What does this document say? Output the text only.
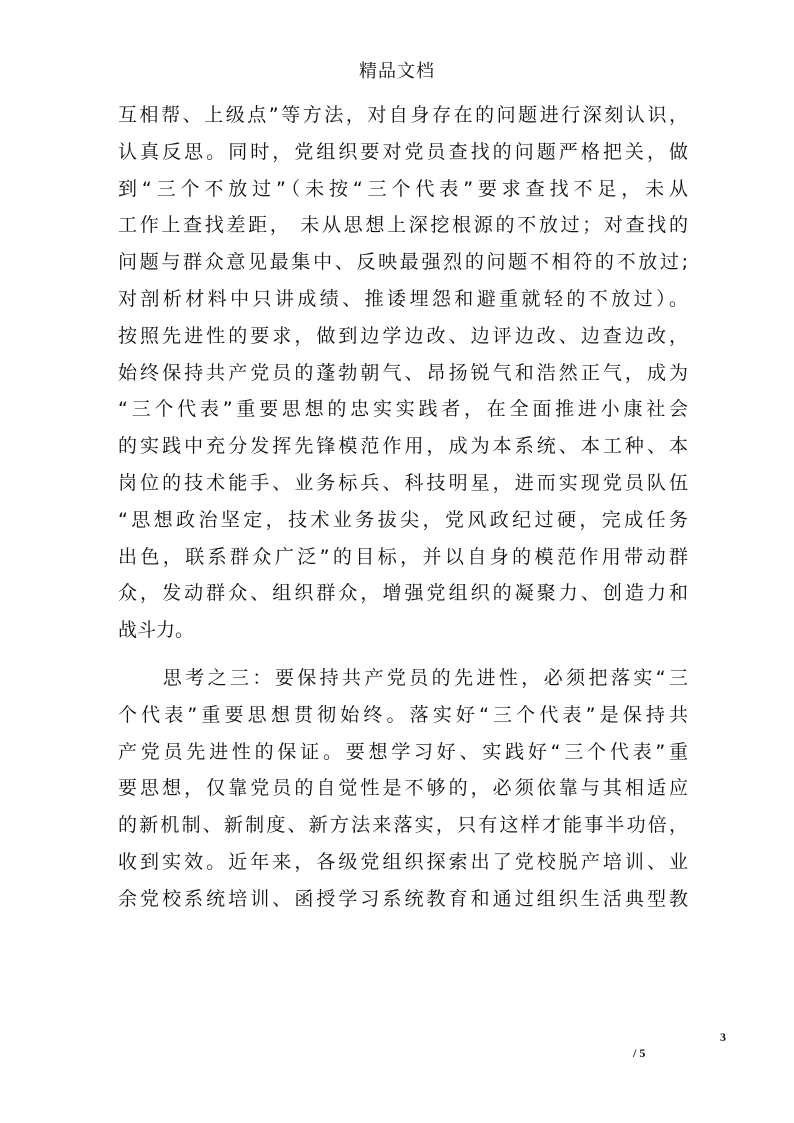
精品文档
互相帮、上级点”等方法，对自身存在的问题进行深刻认识，
认真反思。同时，党组织要对党员查找的问题严格把关，做
到“三个不放过”（未按“三个代表”要求查找不足，未从
工作上查找差距， 未从思想上深挖根源的不放过；对查找的
问题与群众意见最集中、反映最强烈的问题不相符的不放过;
对剖析材料中只讲成绩、推诿埋怨和避重就轻的不放过）。
按照先进性的要求，做到边学边改、边评边改、边查边改，
始终保持共产党员的蓬勃朝气、昂扬锐气和浩然正气，成为
“三个代表”重要思想的忠实实践者，在全面推进小康社会
的实践中充分发挥先锋模范作用，成为本系统、本工种、本
岗位的技术能手、业务标兵、科技明星，进而实现党员队伍
“思想政治坚定，技术业务拔尖，党风政纪过硬，完成任务
出色，联系群众广泛”的目标，并以自身的模范作用带动群
众，发动群众、组织群众，增强党组织的凝聚力、创造力和
战斗力。
　　思考之三：要保持共产党员的先进性，必须把落实“三
个代表”重要思想贯彻始终。落实好“三个代表”是保持共
产党员先进性的保证。要想学习好、实践好“三个代表”重
要思想，仅靠党员的自觉性是不够的，必须依靠与其相适应
的新机制、新制度、新方法来落实，只有这样才能事半功倍，
收到实效。近年来，各级党组织探索出了党校脱产培训、业
余党校系统培训、函授学习系统教育和通过组织生活典型教
3
/ 5
